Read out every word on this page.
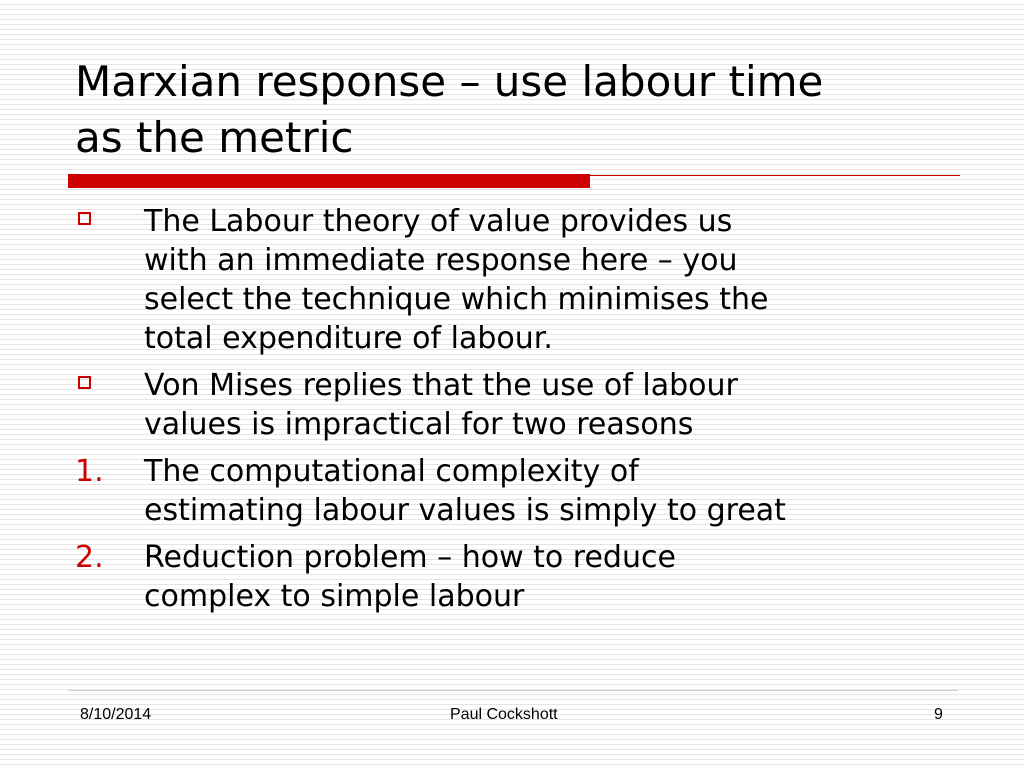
Marxian response – use labour time
as the metric
The Labour theory of value provides us
with an immediate response here – you
select the technique which minimises the
total expenditure of labour.
Von Mises replies that the use of labour
values is impractical for two reasons
1. The computational complexity of
estimating labour values is simply to great
2. Reduction problem – how to reduce
complex to simple labour
8/10/2014	Paul Cockshott	9
